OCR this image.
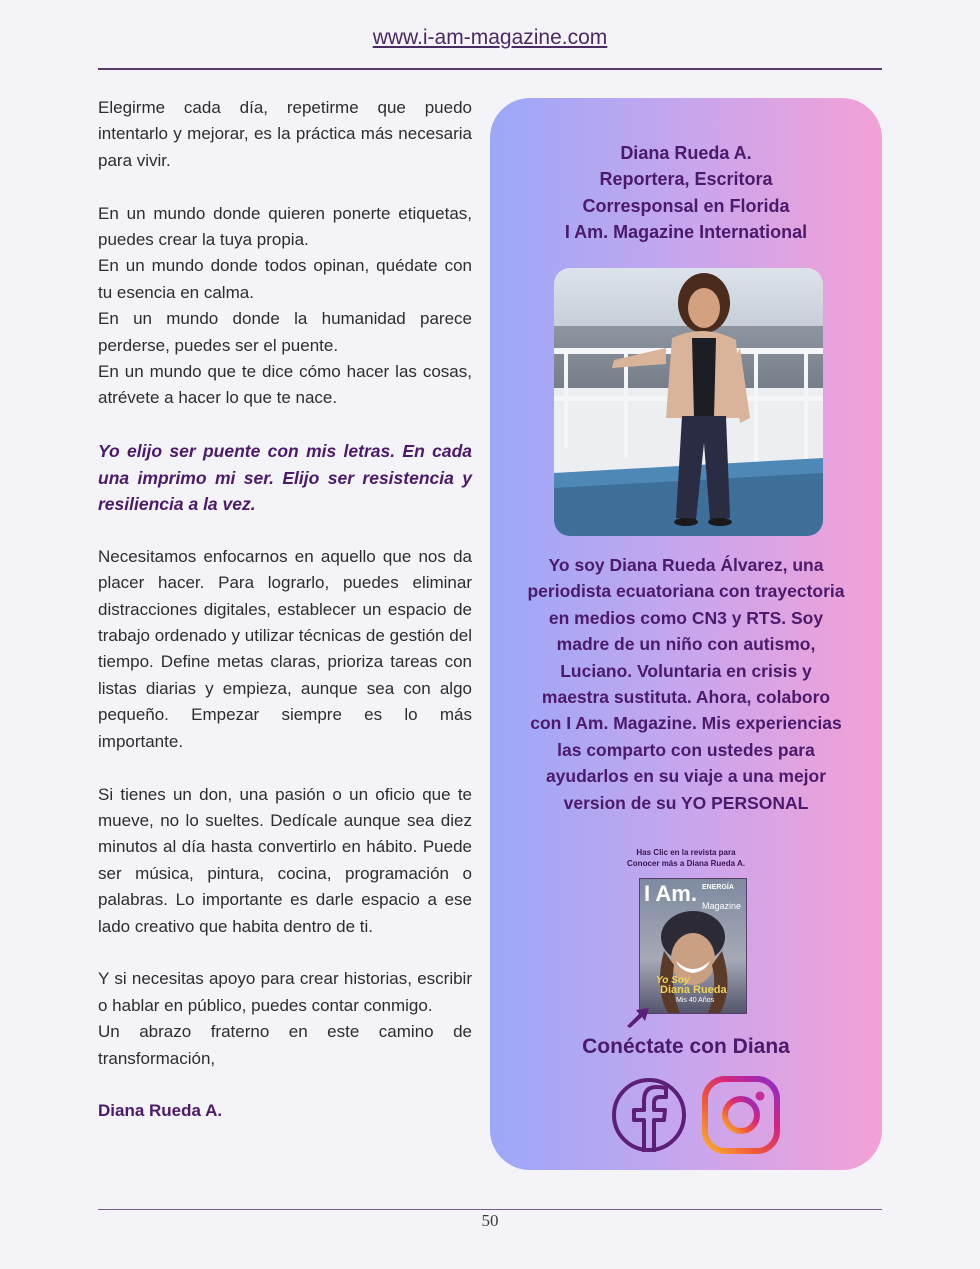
www.i-am-magazine.com

Elegirme cada día, repetirme que puedo intentarlo y mejorar, es la práctica más necesaria para vivir.

En un mundo donde quieren ponerte etiquetas, puedes crear la tuya propia.

En un mundo donde todos opinan, quédate con tu esencia en calma.

En un mundo donde la humanidad parece perderse, puedes ser el puente.

En un mundo que te dice cómo hacer las cosas, atrévete a hacer lo que te nace.

Yo elijo ser puente con mis letras. En cada una imprimo mi ser. Elijo ser resistencia y resiliencia a la vez.

Necesitamos enfocarnos en aquello que nos da placer hacer. Para lograrlo, puedes eliminar distracciones digitales, establecer un espacio de trabajo ordenado y utilizar técnicas de gestión del tiempo. Define metas claras, prioriza tareas con listas diarias y empieza, aunque sea con algo pequeño. Empezar siempre es lo más importante.

Si tienes un don, una pasión o un oficio que te mueve, no lo sueltes. Dedícale aunque sea diez minutos al día hasta convertirlo en hábito. Puede ser música, pintura, cocina, programación o palabras. Lo importante es darle espacio a ese lado creativo que habita dentro de ti.

Y si necesitas apoyo para crear historias, escribir o hablar en público, puedes contar conmigo.

Un abrazo fraterno en este camino de transformación,

Diana Rueda A.

Diana Rueda A.
Reportera, Escritora
Corresponsal en Florida
I Am. Magazine International
Yo soy Diana Rueda Álvarez, una periodista ecuatoriana con trayectoria en medios como CN3 y RTS. Soy madre de un niño con autismo, Luciano. Voluntaria en crisis y maestra sustituta. Ahora, colaboro con I Am. Magazine. Mis experiencias las comparto con ustedes para ayudarlos en su viaje a una mejor version de su YO PERSONAL
Has Clic en la revista para
Conocer más a Diana Rueda A.
I Am. ENERGÍA
Magazine
Yo Soy
Diana Rueda
Mis 40 Años
Conéctate con Diana
50
